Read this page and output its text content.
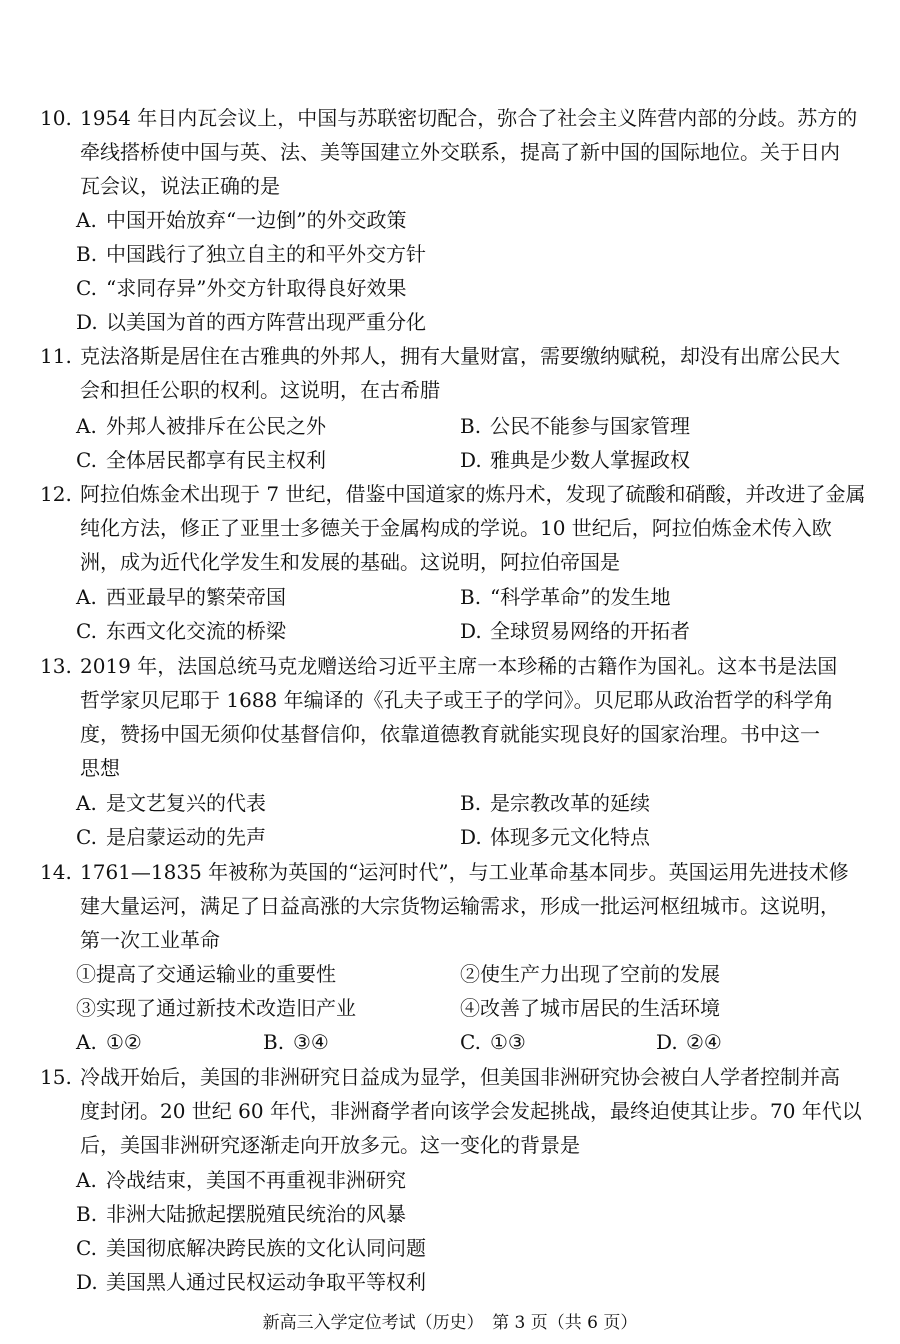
10. 1954 年日内瓦会议上，中国与苏联密切配合，弥合了社会主义阵营内部的分歧。苏方的
牵线搭桥使中国与英、法、美等国建立外交联系，提高了新中国的国际地位。关于日内
瓦会议，说法正确的是
A. 中国开始放弃“一边倒”的外交政策
B. 中国践行了独立自主的和平外交方针
C. “求同存异”外交方针取得良好效果
D. 以美国为首的西方阵营出现严重分化
11. 克法洛斯是居住在古雅典的外邦人，拥有大量财富，需要缴纳赋税，却没有出席公民大
会和担任公职的权利。这说明，在古希腊
A. 外邦人被排斥在公民之外	B. 公民不能参与国家管理
C. 全体居民都享有民主权利	D. 雅典是少数人掌握政权
12. 阿拉伯炼金术出现于 7 世纪，借鉴中国道家的炼丹术，发现了硫酸和硝酸，并改进了金属
纯化方法，修正了亚里士多德关于金属构成的学说。10 世纪后，阿拉伯炼金术传入欧
洲，成为近代化学发生和发展的基础。这说明，阿拉伯帝国是
A. 西亚最早的繁荣帝国	B. “科学革命”的发生地
C. 东西文化交流的桥梁	D. 全球贸易网络的开拓者
13. 2019 年，法国总统马克龙赠送给习近平主席一本珍稀的古籍作为国礼。这本书是法国
哲学家贝尼耶于 1688 年编译的《孔夫子或王子的学问》。贝尼耶从政治哲学的科学角
度，赞扬中国无须仰仗基督信仰，依靠道德教育就能实现良好的国家治理。书中这一
思想
A. 是文艺复兴的代表	B. 是宗教改革的延续
C. 是启蒙运动的先声	D. 体现多元文化特点
14. 1761—1835 年被称为英国的“运河时代”，与工业革命基本同步。英国运用先进技术修
建大量运河，满足了日益高涨的大宗货物运输需求，形成一批运河枢纽城市。这说明，
第一次工业革命
①提高了交通运输业的重要性	②使生产力出现了空前的发展
③实现了通过新技术改造旧产业	④改善了城市居民的生活环境
A. ①②	B. ③④	C. ①③	D. ②④
15. 冷战开始后，美国的非洲研究日益成为显学，但美国非洲研究协会被白人学者控制并高
度封闭。20 世纪 60 年代，非洲裔学者向该学会发起挑战，最终迫使其让步。70 年代以
后，美国非洲研究逐渐走向开放多元。这一变化的背景是
A. 冷战结束，美国不再重视非洲研究
B. 非洲大陆掀起摆脱殖民统治的风暴
C. 美国彻底解决跨民族的文化认同问题
D. 美国黑人通过民权运动争取平等权利
新高三入学定位考试（历史）　第 3 页（共 6 页）
